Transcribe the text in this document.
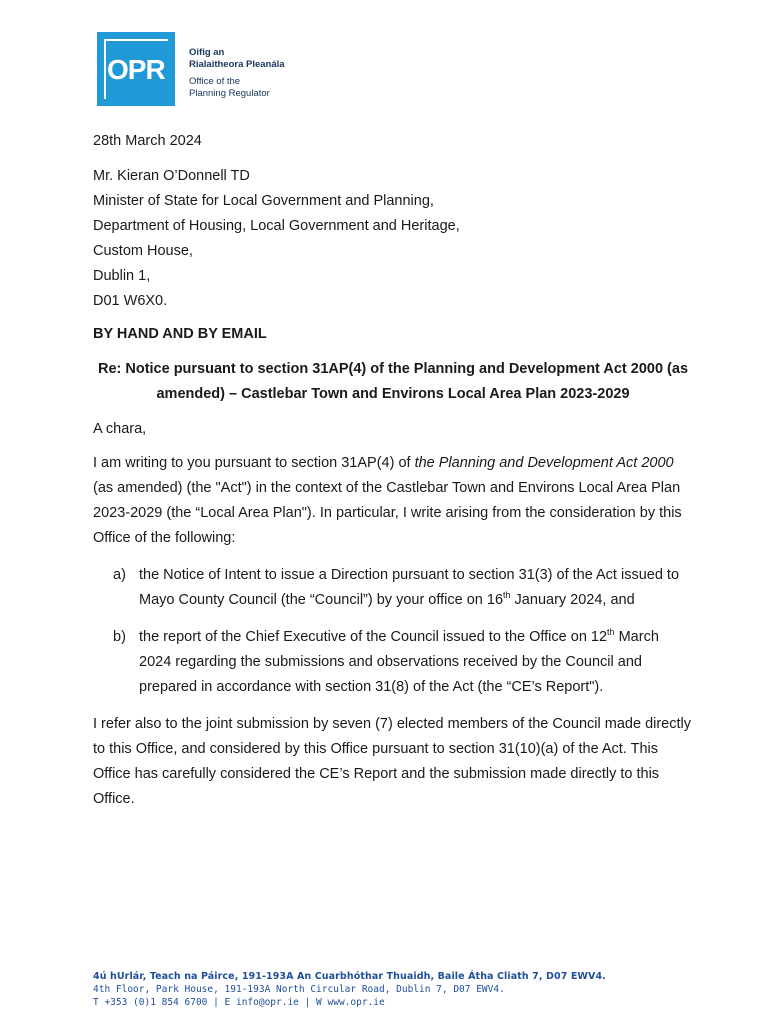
OPR
Oifig an
Rialaitheora Pleanála
Office of the
Planning Regulator

28th March 2024

Mr. Kieran O’Donnell TD

Minister of State for Local Government and Planning,

Department of Housing, Local Government and Heritage,

Custom House,

Dublin 1,

D01 W6X0.

BY HAND AND BY EMAIL

Re: Notice pursuant to section 31AP(4) of the Planning and Development Act 2000 (as amended) – Castlebar Town and Environs Local Area Plan 2023-2029

A chara,

I am writing to you pursuant to section 31AP(4) of the Planning and Development Act 2000 (as amended) (the "Act") in the context of the Castlebar Town and Environs Local Area Plan 2023-2029 (the “Local Area Plan"). In particular, I write arising from the consideration by this Office of the following:

a) the Notice of Intent to issue a Direction pursuant to section 31(3) of the Act issued to Mayo County Council (the “Council”) by your office on 16th January 2024, and
b) the report of the Chief Executive of the Council issued to the Office on 12th March 2024 regarding the submissions and observations received by the Council and prepared in accordance with section 31(8) of the Act (the “CE’s Report").

I refer also to the joint submission by seven (7) elected members of the Council made directly to this Office, and considered by this Office pursuant to section 31(10)(a) of the Act. This Office has carefully considered the CE’s Report and the submission made directly to this Office.

4ú hUrlár, Teach na Páirce, 191-193A An Cuarbhóthar Thuaidh, Baile Átha Cliath 7, D07 EWV4.
4th Floor, Park House, 191-193A North Circular Road, Dublin 7, D07 EWV4.
T +353 (0)1 854 6700 | E info@opr.ie | W www.opr.ie
